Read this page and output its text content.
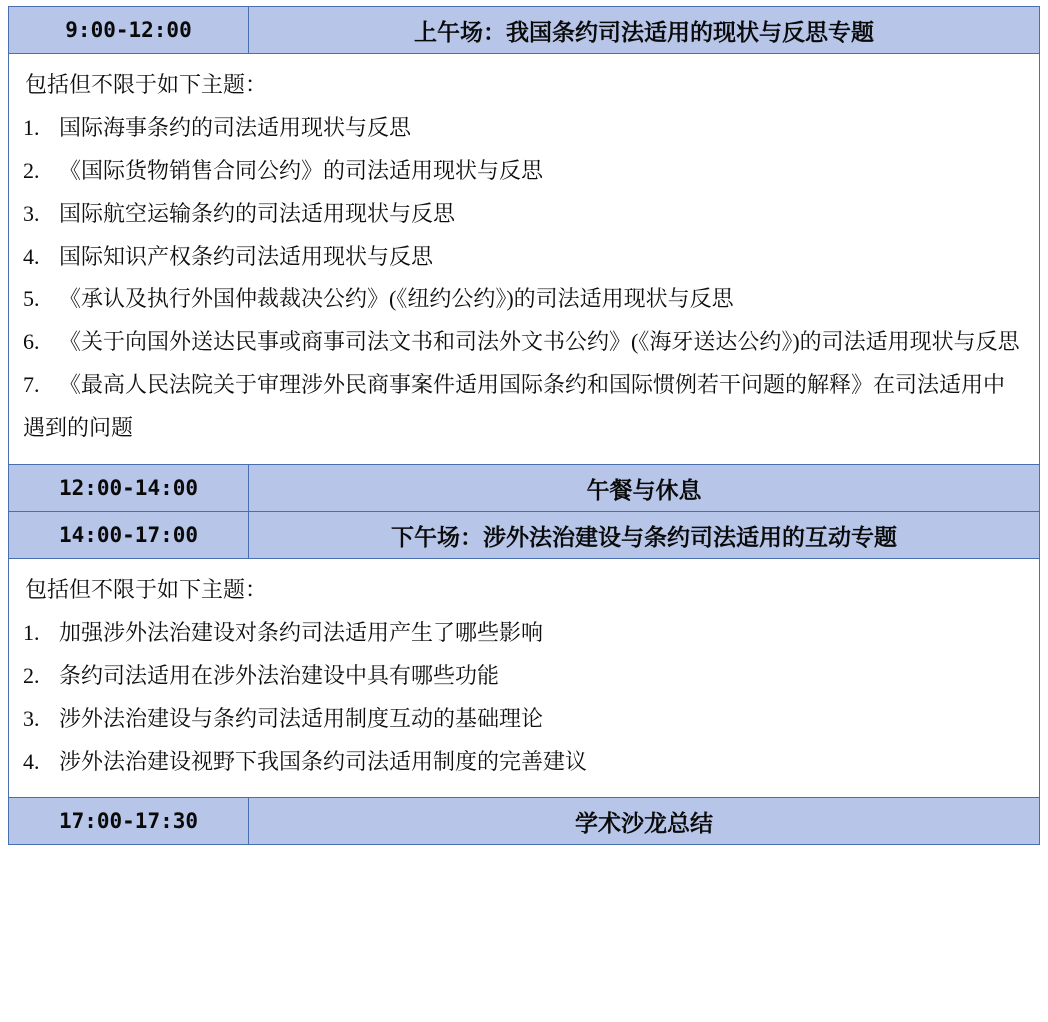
9:00-12:00	上午场：我国条约司法适用的现状与反思专题

包括但不限于如下主题：

1. 国际海事条约的司法适用现状与反思
2. 《国际货物销售合同公约》的司法适用现状与反思
3. 国际航空运输条约的司法适用现状与反思
4. 国际知识产权条约司法适用现状与反思
5. 《承认及执行外国仲裁裁决公约》(《纽约公约》)的司法适用现状与反思
6. 《关于向国外送达民事或商事司法文书和司法外文书公约》(《海牙送达公约》)的司法适用现状与反思
7. 《最高人民法院关于审理涉外民商事案件适用国际条约和国际惯例若干问题的解释》在司法适用中遇到的问题

12:00-14:00	午餐与休息
14:00-17:00	下午场：涉外法治建设与条约司法适用的互动专题

包括但不限于如下主题：

1. 加强涉外法治建设对条约司法适用产生了哪些影响
2. 条约司法适用在涉外法治建设中具有哪些功能
3. 涉外法治建设与条约司法适用制度互动的基础理论
4. 涉外法治建设视野下我国条约司法适用制度的完善建议

17:00-17:30	学术沙龙总结
